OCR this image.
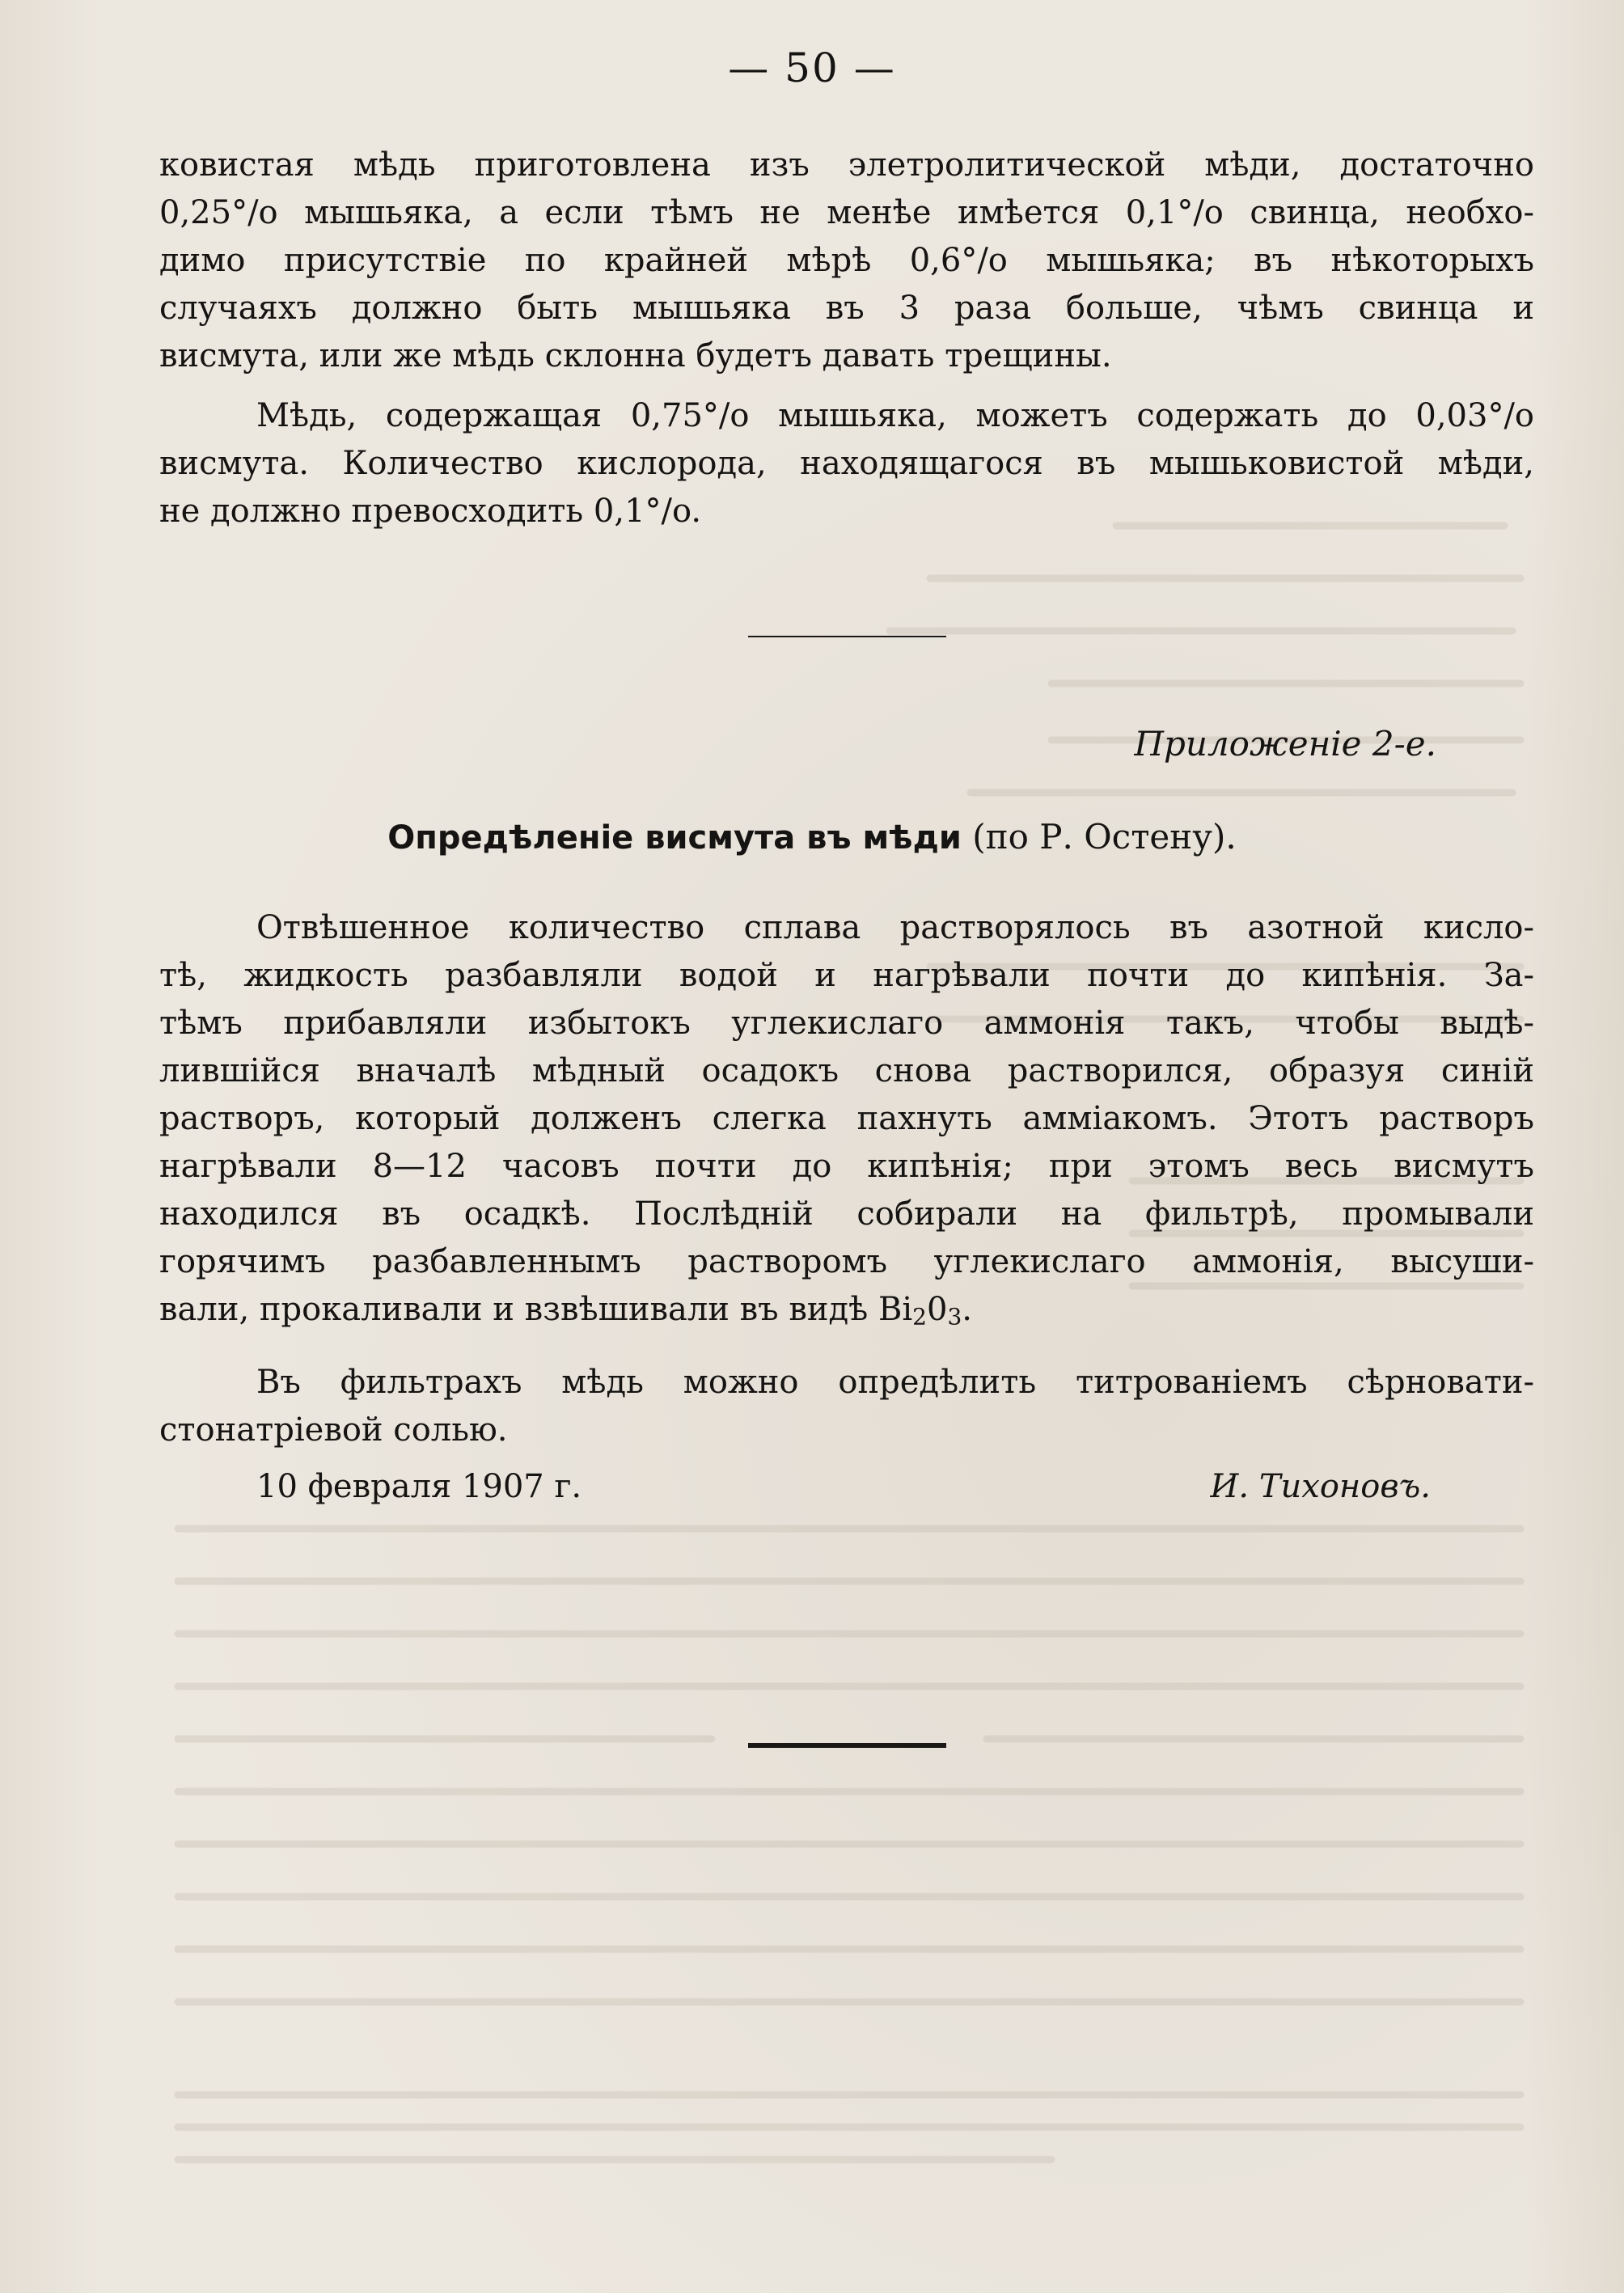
— 50 —
ковистая мѣдь приготовлена изъ элетролитической мѣди, достаточно
0,25°/o мышьяка, а если тѣмъ не менѣе имѣется 0,1°/o свинца, необхо-
димо присутствіе по крайней мѣрѣ 0,6°/o мышьяка; въ нѣкоторыхъ
случаяхъ должно быть мышьяка въ 3 раза больше, чѣмъ свинца и
висмута, или же мѣдь склонна будетъ давать трещины.
Мѣдь, содержащая 0,75°/o мышьяка, можетъ содержать до 0,03°/o
висмута. Количество кислорода, находящагося въ мышьковистой мѣди,
не должно превосходить 0,1°/o.
Приложеніе 2-е.
Опредѣленіе висмута въ мѣди (по Р. Остену).
Отвѣшенное количество сплава растворялось въ азотной кисло-
тѣ, жидкость разбавляли водой и нагрѣвали почти до кипѣнія. За-
тѣмъ прибавляли избытокъ углекислаго аммонія такъ, чтобы выдѣ-
лившійся вначалѣ мѣдный осадокъ снова растворился, образуя синій
растворъ, который долженъ слегка пахнуть амміакомъ. Этотъ растворъ
нагрѣвали 8—12 часовъ почти до кипѣнія; при этомъ весь висмутъ
находился въ осадкѣ. Послѣдній собирали на фильтрѣ, промывали
горячимъ разбавленнымъ растворомъ углекислаго аммонія, высуши-
вали, прокаливали и взвѣшивали въ видѣ $Bi_20_3$.
Въ фильтрахъ мѣдь можно опредѣлить титрованіемъ сѣрновати-
стонатріевой солью.
10 февраля 1907 г.	И. Тихоновъ.
